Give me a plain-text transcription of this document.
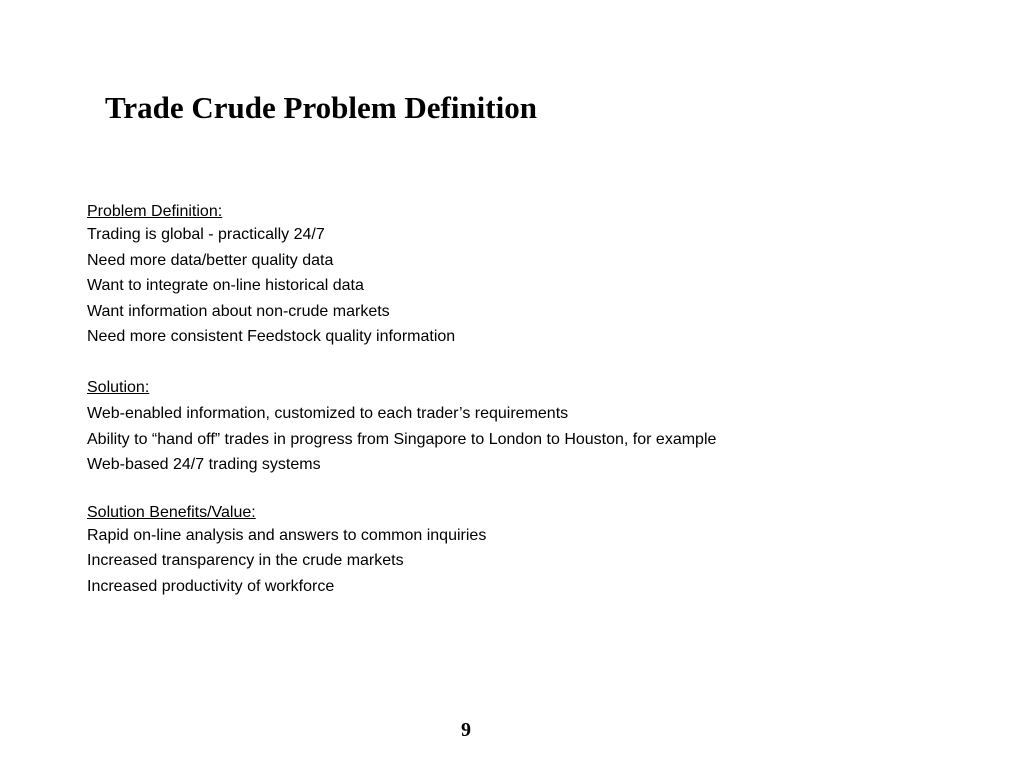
Trade Crude Problem Definition
Problem Definition:
Trading is global - practically 24/7
Need more data/better quality data
Want to integrate on-line historical data
Want information about non-crude markets
Need more consistent Feedstock quality information
Solution:
Web-enabled information, customized to each trader’s requirements
Ability to “hand off” trades in progress from Singapore to London to Houston, for example
Web-based 24/7 trading systems
Solution Benefits/Value:
Rapid on-line analysis and answers to common inquiries
Increased transparency in the crude markets
Increased productivity of workforce
9
